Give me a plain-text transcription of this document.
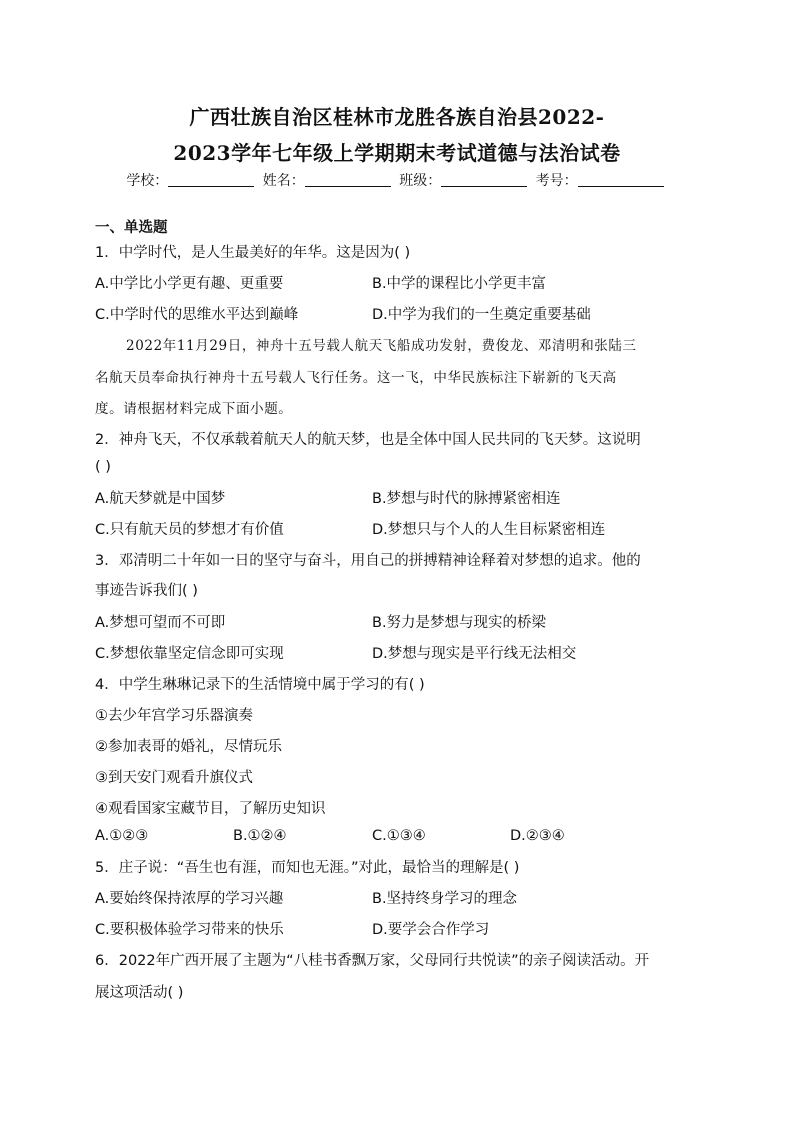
广西壮族自治区桂林市龙胜各族自治县2022-
2023学年七年级上学期期末考试道德与法治试卷
学校：	姓名：	班级：	考号：
一、单选题
1．中学时代，是人生最美好的年华。这是因为( )
A.中学比小学更有趣、更重要	B.中学的课程比小学更丰富
C.中学时代的思维水平达到巅峰	D.中学为我们的一生奠定重要基础
2022年11月29日，神舟十五号载人航天飞船成功发射，费俊龙、邓清明和张陆三
名航天员奉命执行神舟十五号载人飞行任务。这一飞，中华民族标注下崭新的飞天高
度。请根据材料完成下面小题。
2．神舟飞天，不仅承载着航天人的航天梦，也是全体中国人民共同的飞天梦。这说明
( )
A.航天梦就是中国梦	B.梦想与时代的脉搏紧密相连
C.只有航天员的梦想才有价值	D.梦想只与个人的人生目标紧密相连
3．邓清明二十年如一日的坚守与奋斗，用自己的拼搏精神诠释着对梦想的追求。他的
事迹告诉我们( )
A.梦想可望而不可即	B.努力是梦想与现实的桥梁
C.梦想依靠坚定信念即可实现	D.梦想与现实是平行线无法相交
4．中学生琳琳记录下的生活情境中属于学习的有( )
①去少年宫学习乐器演奏
②参加表哥的婚礼，尽情玩乐
③到天安门观看升旗仪式
④观看国家宝藏节目，了解历史知识
A.①②③	B.①②④	C.①③④	D.②③④
5．庄子说：“吾生也有涯，而知也无涯。”对此，最恰当的理解是( )
A.要始终保持浓厚的学习兴趣	B.坚持终身学习的理念
C.要积极体验学习带来的快乐	D.要学会合作学习
6．2022年广西开展了主题为“八桂书香飘万家，父母同行共悦读”的亲子阅读活动。开
展这项活动( )
